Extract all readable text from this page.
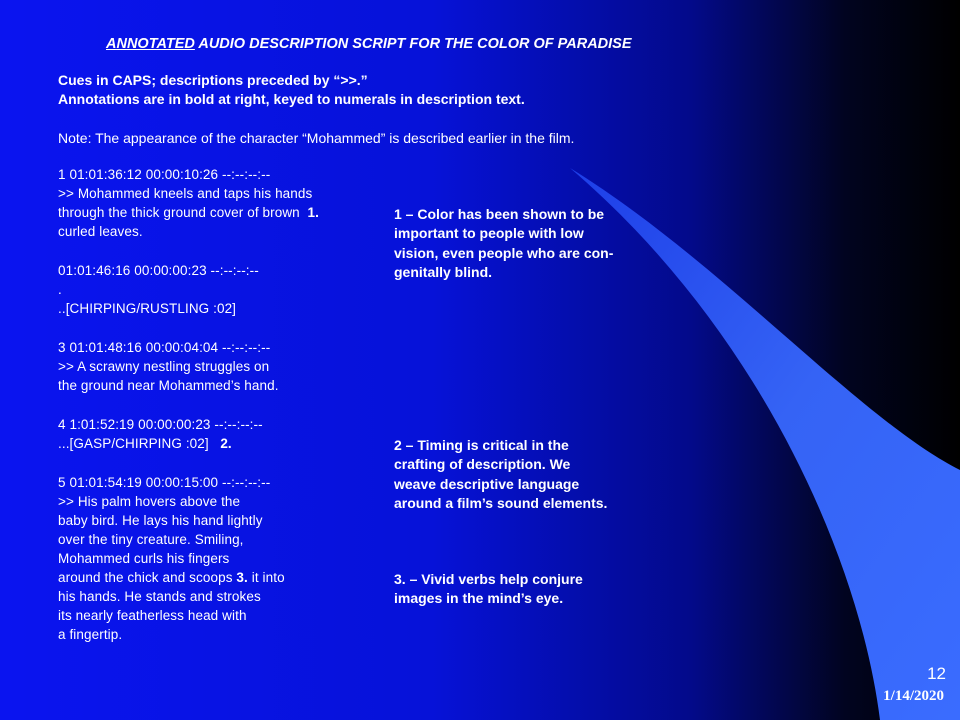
ANNOTATED AUDIO DESCRIPTION SCRIPT FOR THE COLOR OF PARADISE
Cues in CAPS; descriptions preceded by “>>.”
Annotations are in bold at right, keyed to numerals in description text.
Note: The appearance of the character “Mohammed” is described earlier in the film.
1 01:01:36:12 00:00:10:26 --:--:--:--
>> Mohammed kneels and taps his hands
through the thick ground cover of brown 1.
curled leaves.
01:01:46:16 00:00:00:23 --:--:--:--
.
..[CHIRPING/RUSTLING :02]
3 01:01:48:16 00:00:04:04 --:--:--:--
>> A scrawny nestling struggles on
the ground near Mohammed’s hand.
4 1:01:52:19 00:00:00:23 --:--:--:--
...[GASP/CHIRPING :02] 2.
5 01:01:54:19 00:00:15:00 --:--:--:--
>> His palm hovers above the
baby bird. He lays his hand lightly
over the tiny creature. Smiling,
Mohammed curls his fingers
around the chick and scoops 3. it into
his hands. He stands and strokes
its nearly featherless head with
a fingertip.
1 – Color has been shown to be
important to people with low
vision, even people who are con-
genitally blind.
2 – Timing is critical in the
crafting of description. We
weave descriptive language
around a film’s sound elements.
3. – Vivid verbs help conjure
images in the mind’s eye.
12
1/14/2020
